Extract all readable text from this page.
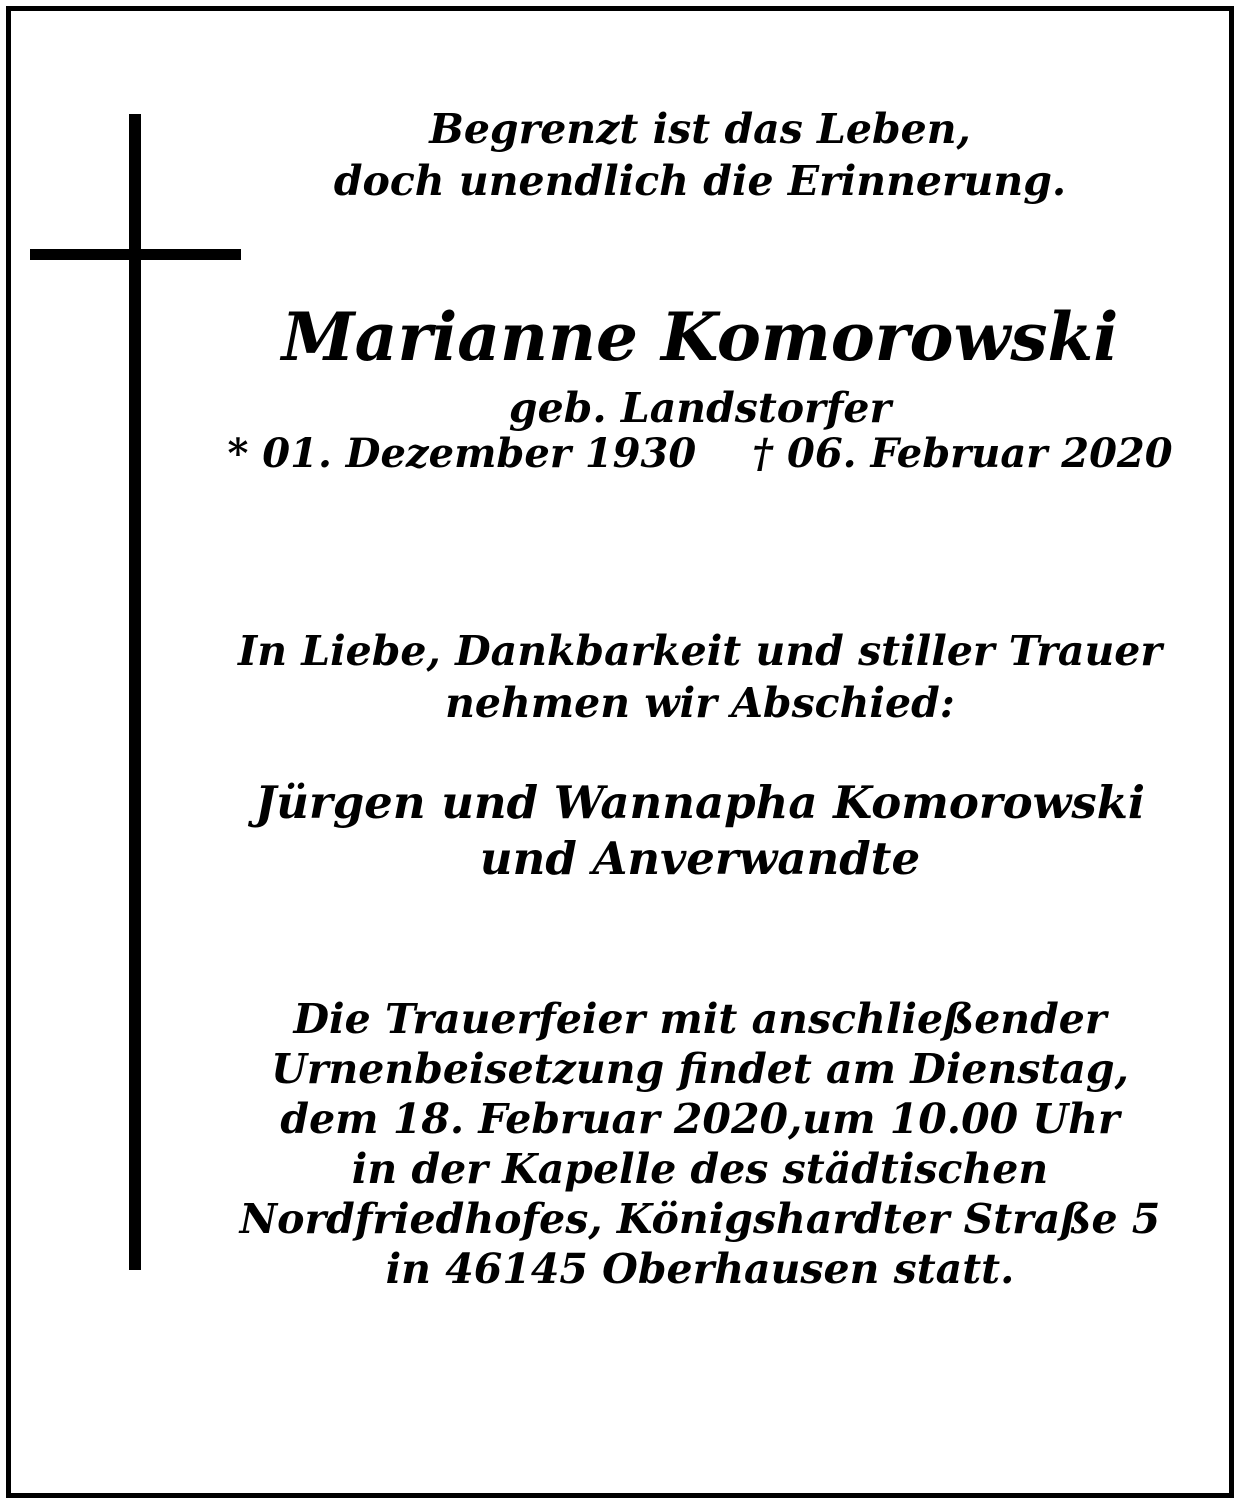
Begrenzt ist das Leben,
doch unendlich die Erinnerung.
Marianne Komorowski
geb. Landstorfer
* 01. Dezember 1930 † 06. Februar 2020
In Liebe, Dankbarkeit und stiller Trauer
nehmen wir Abschied:
Jürgen und Wannapha Komorowski
und Anverwandte
Die Trauerfeier mit anschließender
Urnenbeisetzung findet am Dienstag,
dem 18. Februar 2020,um 10.00 Uhr
in der Kapelle des städtischen
Nordfriedhofes, Königshardter Straße 5
in 46145 Oberhausen statt.
